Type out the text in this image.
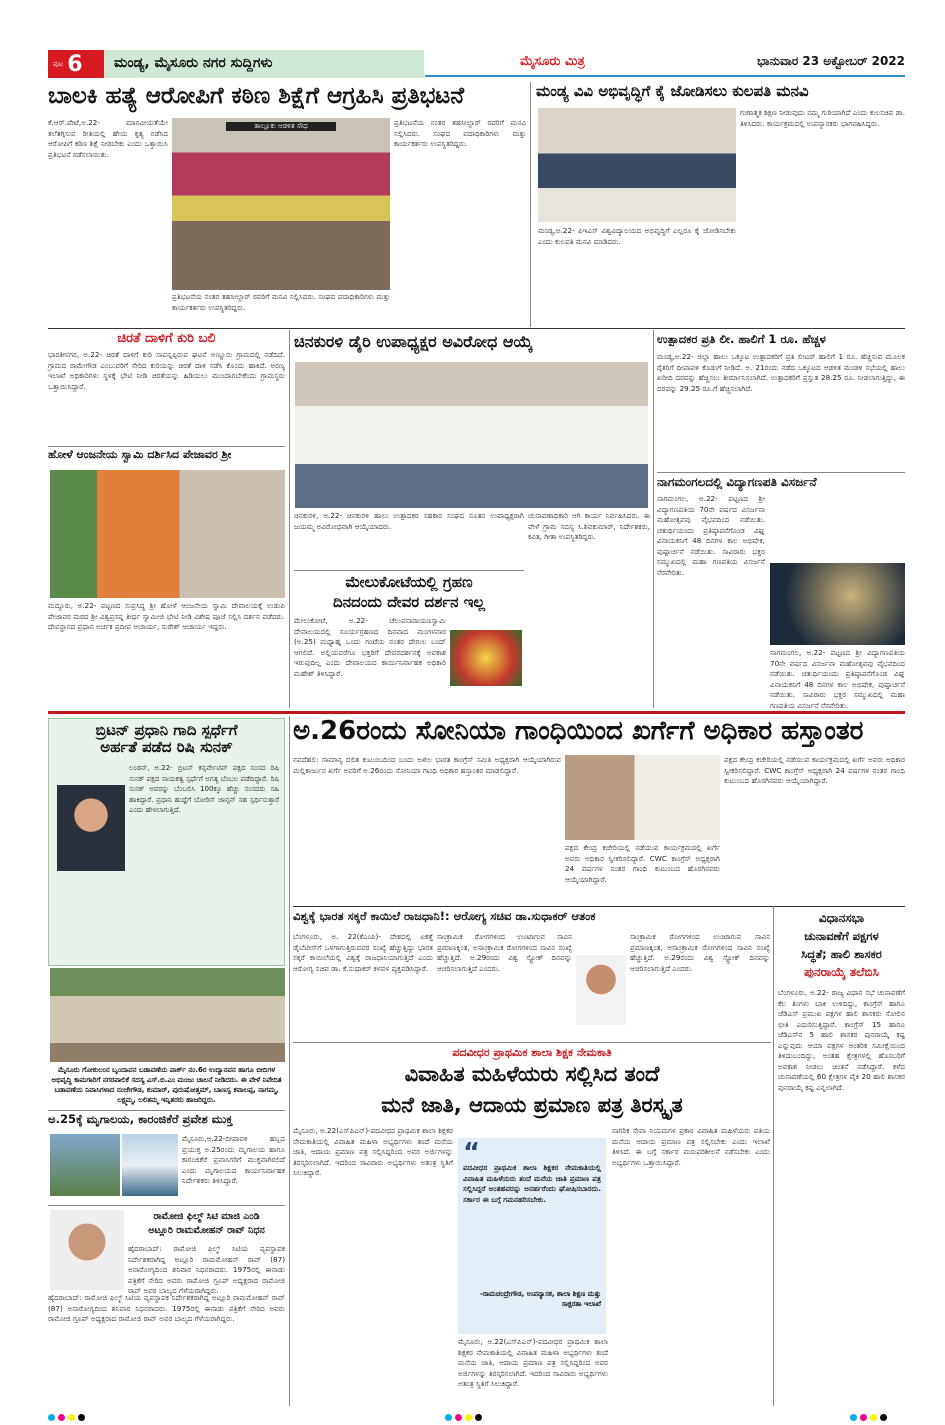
ಪುಟ 6	ಮಂಡ್ಯ, ಮೈಸೂರು ನಗರ ಸುದ್ದಿಗಳು	ಮೈಸೂರು ಮಿತ್ರ	ಭಾನುವಾರ 23 ಅಕ್ಟೋಬರ್ 2022
ಬಾಲಕಿ ಹತ್ಯೆ ಆರೋಪಿಗೆ ಕಠಿಣ ಶಿಕ್ಷೆಗೆ ಆಗ್ರಹಿಸಿ ಪ್ರತಿಭಟನೆ
ಕೆ.ಆರ್.ಪೇಟೆ,ಅ.22- ಮಾನವೀಯತೆಯೇ ತಲೆತಗ್ಗಿಸುವ ರೀತಿಯಲ್ಲಿ ಹೇಯ ಕೃತ್ಯ ನಡೆಸಿದ ಆರೋಪಿಗೆ ಕಠಿಣ ಶಿಕ್ಷೆ ನೀಡಬೇಕು ಎಂದು ಒತ್ತಾಯಿಸಿ ಪ್ರತಿಭಟನೆ ನಡೆಸಲಾಯಿತು.
ತಾಲ್ಲೂಕು ಆಡಳಿತ ಸೌಧ
ಪ್ರತಿಭಟನೆಯ ನಂತರ ತಹಸೀಲ್ದಾರ್ ರವರಿಗೆ ಮನವಿ ಸಲ್ಲಿಸಿದರು. ಸಂಘದ ಪದಾಧಿಕಾರಿಗಳು ಮತ್ತು ಕಾರ್ಯಕರ್ತರು ಉಪಸ್ಥಿತರಿದ್ದರು.
ಪ್ರತಿಭಟನೆಯ ನಂತರ ತಹಸೀಲ್ದಾರ್ ರವರಿಗೆ ಮನವಿ ಸಲ್ಲಿಸಿದರು. ಸಂಘದ ಪದಾಧಿಕಾರಿಗಳು ಮತ್ತು ಕಾರ್ಯಕರ್ತರು ಉಪಸ್ಥಿತರಿದ್ದರು.
ಮಂಡ್ಯ ವಿವಿ ಅಭಿವೃದ್ಧಿಗೆ ಕೈ ಜೋಡಿಸಲು ಕುಲಪತಿ ಮನವಿ
ಮಂಡ್ಯ,ಅ.22- ಪಿಇಎಸ್ ವಿಶ್ವವಿದ್ಯಾಲಯದ ಅಭಿವೃದ್ಧಿಗೆ ಎಲ್ಲರೂ ಕೈ ಜೋಡಿಸಬೇಕು ಎಂದು ಕುಲಪತಿ ಮನವಿ ಮಾಡಿದರು.
ಗುಣಾತ್ಮಕ ಶಿಕ್ಷಣ ನೀಡುವುದು ನಮ್ಮ ಗುರಿಯಾಗಿದೆ ಎಂದು ಕುಲಸಚಿವ ಡಾ. ತಿಳಿಸಿದರು. ಕಾರ್ಯಕ್ರಮದಲ್ಲಿ ಉಪನ್ಯಾಸಕರು ಭಾಗವಹಿಸಿದ್ದರು.
ಚಿರತೆ ದಾಳಿಗೆ ಕುರಿ ಬಲಿ
ಭಾರತೀನಗರ, ಅ.22- ಚಿರತೆ ದಾಳಿಗೆ ಕುರಿ ಸಾವನ್ನಪ್ಪಿರುವ ಘಟನೆ ಅಣ್ಣೂರು ಗ್ರಾಮದಲ್ಲಿ ನಡೆದಿದೆ. ಗ್ರಾಮದ ರಾಮೇಗೌಡ ಎಂಬುವರಿಗೆ ಸೇರಿದ ಕುರಿಯನ್ನು ಚಿರತೆ ದಾಳಿ ನಡೆಸಿ ಕೊಂದು ಹಾಕಿದೆ. ಅರಣ್ಯ ಇಲಾಖೆ ಅಧಿಕಾರಿಗಳು ಸ್ಥಳಕ್ಕೆ ಭೇಟಿ ನೀಡಿ ಚಿರತೆಯನ್ನು ಹಿಡಿಯಲು ಮುಂದಾಗಬೇಕೆಂದು ಗ್ರಾಮಸ್ಥರು ಒತ್ತಾಯಿಸಿದ್ದಾರೆ.
ಹೋಳೆ ಆಂಜನೇಯ ಸ್ವಾಮಿ ದರ್ಶಿಸಿದ ಪೇಜಾವರ ಶ್ರೀ
ಮದ್ದೂರು, ಅ.22- ಪಟ್ಟಣದ ಸುಪ್ರಸಿದ್ಧ ಶ್ರೀ ಹೋಳೆ ಆಂಜನೇಯ ಸ್ವಾಮಿ ದೇವಾಲಯಕ್ಕೆ ಉಡುಪಿ ಪೇಜಾವರ ಮಠದ ಶ್ರೀ ವಿಶ್ವಪ್ರಸನ್ನ ತೀರ್ಥ ಸ್ವಾಮೀಜಿ ಭೇಟಿ ನೀಡಿ ವಿಶೇಷ ಪೂಜೆ ಸಲ್ಲಿಸಿ ದರ್ಶನ ಪಡೆದರು. ದೇವಸ್ಥಾನದ ಪ್ರಧಾನ ಅರ್ಚಕ ಪ್ರದೀಪ ಆಚಾರ್ಯ, ಸುರೇಶ್ ಆಚಾರ್ಯ ಇದ್ದರು.
ಚಿನಕುರಳಿ ಡೈರಿ ಉಪಾಧ್ಯಕ್ಷರ ಅವಿರೋಧ ಆಯ್ಕೆ
ಚಿನಕುರಳಿ, ಅ.22- ಚಿನಕುರಳಿ ಹಾಲು ಉತ್ಪಾದಕರ ಸಹಕಾರ ಸಂಘದ ನೂತನ ಉಪಾಧ್ಯಕ್ಷರಾಗಿ ಜಯಮ್ಮ ಅವಿರೋಧವಾಗಿ ಆಯ್ಕೆಯಾದರು.
ಚುನಾವಣಾಧಿಕಾರಿ ಆಗಿ ಕಾರ್ಯ ನಿರ್ವಹಿಸಿದರು. ಈ ವೇಳೆ ಗ್ರಾಮ ಸದಸ್ಯ ಸಿ.ಶಿವಕುಮಾರ್, ನಿರ್ದೇಶಕರು, ಕವಿತ, ಗೀತಾ ಉಪಸ್ಥಿತರಿದ್ದರು.
ಮೇಲುಕೋಟೆಯಲ್ಲಿ ಗ್ರಹಣ
ದಿನದಂದು ದೇವರ ದರ್ಶನ ಇಲ್ಲ
ಮೇಲುಕೋಟೆ, ಅ.22- ಚೆಲುವನಾರಾಯಣಸ್ವಾಮಿ ದೇವಾಲಯದಲ್ಲಿ ಸೂರ್ಯಗ್ರಹಣದ ದಿನವಾದ ಮಂಗಳವಾರ (ಅ.25) ಮಧ್ಯಾಹ್ನ ಒಂದು ಗಂಟೆಯ ನಂತರ ದೇಗುಲ ಬಂದ್ ಆಗಲಿದೆ. ಅಲ್ಲಿಯವರೆಗೂ ಭಕ್ತರಿಗೆ ದೇವರದರ್ಶನಕ್ಕೆ ಅವಕಾಶ ಇರುವುದಿಲ್ಲ ಎಂದು ದೇವಾಲಯದ ಕಾರ್ಯನಿರ್ವಾಹಕ ಅಧಿಕಾರಿ ಮಹೇಶ್ ತಿಳಿಸಿದ್ದಾರೆ.
ಉತ್ಪಾದಕರ ಪ್ರತಿ ಲೀ. ಹಾಲಿಗೆ 1 ರೂ. ಹೆಚ್ಚಳ
ಮಂಡ್ಯ,ಅ.22- ಜಿಲ್ಲಾ ಹಾಲು ಒಕ್ಕೂಟ ಉತ್ಪಾದಕರಿಗೆ ಪ್ರತಿ ಲೀಟರ್ ಹಾಲಿಗೆ 1 ರೂ. ಹೆಚ್ಚಿಸುವ ಮೂಲಕ ರೈತರಿಗೆ ದೀಪಾವಳಿ ಕೊಡುಗೆ ನೀಡಿದೆ. ಅ. 21ರಂದು ನಡೆದ ಒಕ್ಕೂಟದ ಆಡಳಿತ ಮಂಡಳಿ ಸಭೆಯಲ್ಲಿ ಹಾಲು ಖರೀದಿ ದರವನ್ನು ಹೆಚ್ಚಿಸಲು ತೀರ್ಮಾನಿಸಲಾಗಿದೆ. ಉತ್ಪಾದಕರಿಗೆ ಪ್ರಸ್ತುತ 28.25 ರೂ. ನೀಡಲಾಗುತ್ತಿದ್ದು, ಈ ದರವನ್ನು 29.25 ರೂ.ಗೆ ಹೆಚ್ಚಿಸಲಾಗಿದೆ.
ನಾಗಮಂಗಲದಲ್ಲಿ ವಿದ್ಯಾಗಣಪತಿ ವಿಸರ್ಜನೆ
ನಾಗಮಂಗಲ, ಅ.22- ಪಟ್ಟಣದ ಶ್ರೀ ವಿದ್ಯಾಗಣಪತಿಯ 70ನೇ ವರ್ಷದ ವಿಸರ್ಜನಾ ಮಹೋತ್ಸವವು ವೈಭವದಿಂದ ನಡೆಯಿತು. ಚತುರ್ಥಿಯಂದು ಪ್ರತಿಷ್ಠಾಪನೆಗೊಂಡ ವಿಘ್ನ ವಿನಾಯಕನಿಗೆ 48 ದಿನಗಳ ಕಾಲ ಅಭಿಷೇಕ, ಪುಷ್ಪಾರ್ಚನೆ ನಡೆಯಿತು. ಸಾವಿರಾರು ಭಕ್ತರ ಸಮ್ಮುಖದಲ್ಲಿ ಮಹಾ ಗಣಪತಿಯ ವಿಸರ್ಜನೆ ನೆರವೇರಿತು.
ನಾಗಮಂಗಲ, ಅ.22- ಪಟ್ಟಣದ ಶ್ರೀ ವಿದ್ಯಾಗಣಪತಿಯ 70ನೇ ವರ್ಷದ ವಿಸರ್ಜನಾ ಮಹೋತ್ಸವವು ವೈಭವದಿಂದ ನಡೆಯಿತು. ಚತುರ್ಥಿಯಂದು ಪ್ರತಿಷ್ಠಾಪನೆಗೊಂಡ ವಿಘ್ನ ವಿನಾಯಕನಿಗೆ 48 ದಿನಗಳ ಕಾಲ ಅಭಿಷೇಕ, ಪುಷ್ಪಾರ್ಚನೆ ನಡೆಯಿತು. ಸಾವಿರಾರು ಭಕ್ತರ ಸಮ್ಮುಖದಲ್ಲಿ ಮಹಾ ಗಣಪತಿಯ ವಿಸರ್ಜನೆ ನೆರವೇರಿತು.
ಬ್ರಿಟನ್ ಪ್ರಧಾನಿ ಗಾದಿ ಸ್ಪರ್ಧೆಗೆ
ಅರ್ಹತೆ ಪಡೆದ ರಿಷಿ ಸುನಕ್
ಲಂಡನ್, ಅ.22- ಬ್ರಿಟನ್ ಕನ್ಸರ್ವೇಟಿವ್ ಪಕ್ಷದ ಸಂಸದ ರಿಷಿ ಸುನಕ್ ಪಕ್ಷದ ನಾಯಕತ್ವ ಸ್ಪರ್ಧೆಗೆ ಅಗತ್ಯ ಬೆಂಬಲ ಪಡೆದಿದ್ದಾರೆ. ರಿಷಿ ಸುನಕ್ ಅವರನ್ನು ಬೆಂಬಲಿಸಿ 100ಕ್ಕೂ ಹೆಚ್ಚು ಸಂಸದರು ಸಹಿ ಹಾಕಿದ್ದಾರೆ. ಪ್ರಧಾನಿ ಹುದ್ದೆಗೆ ಬೋರಿಸ್ ಜಾನ್ಸನ್ ಸಹ ಸ್ಪರ್ಧಿಸುತ್ತಾರೆ ಎಂದು ಹೇಳಲಾಗುತ್ತಿದೆ.
ಅ.26ರಂದು ಸೋನಿಯಾ ಗಾಂಧಿಯಿಂದ ಖರ್ಗೆಗೆ ಅಧಿಕಾರ ಹಸ್ತಾಂತರ
ನವದೆಹಲಿ: ಸಾಮಾನ್ಯ ದಲಿತ ಕುಟುಂಬದಿಂದ ಬಂದು ಅಖಿಲ ಭಾರತ ಕಾಂಗ್ರೆಸ್ ಸಮಿತಿ ಅಧ್ಯಕ್ಷರಾಗಿ ಆಯ್ಕೆಯಾಗಿರುವ ಮಲ್ಲಿಕಾರ್ಜುನ ಖರ್ಗೆ ಅವರಿಗೆ ಅ.26ರಂದು ಸೋನಿಯಾ ಗಾಂಧಿ ಅಧಿಕಾರ ಹಸ್ತಾಂತರ ಮಾಡಲಿದ್ದಾರೆ.
ಪಕ್ಷದ ಕೇಂದ್ರ ಕಚೇರಿಯಲ್ಲಿ ನಡೆಯುವ ಕಾರ್ಯಕ್ರಮದಲ್ಲಿ ಖರ್ಗೆ ಅವರು ಅಧಿಕಾರ ಸ್ವೀಕರಿಸಲಿದ್ದಾರೆ. CWC ಕಾಂಗ್ರೆಸ್ ಅಧ್ಯಕ್ಷರಾಗಿ 24 ವರ್ಷಗಳ ನಂತರ ಗಾಂಧಿ ಕುಟುಂಬದ ಹೊರಗಿನವರು ಆಯ್ಕೆಯಾಗಿದ್ದಾರೆ.
ಪಕ್ಷದ ಕೇಂದ್ರ ಕಚೇರಿಯಲ್ಲಿ ನಡೆಯುವ ಕಾರ್ಯಕ್ರಮದಲ್ಲಿ ಖರ್ಗೆ ಅವರು ಅಧಿಕಾರ ಸ್ವೀಕರಿಸಲಿದ್ದಾರೆ. CWC ಕಾಂಗ್ರೆಸ್ ಅಧ್ಯಕ್ಷರಾಗಿ 24 ವರ್ಷಗಳ ನಂತರ ಗಾಂಧಿ ಕುಟುಂಬದ ಹೊರಗಿನವರು ಆಯ್ಕೆಯಾಗಿದ್ದಾರೆ.
ವಿಶ್ವಕ್ಕೆ ಭಾರತ ಸಕ್ಕರೆ ಕಾಯಿಲೆ ರಾಜಧಾನಿ!: ಆರೋಗ್ಯ ಸಚಿವ ಡಾ.ಸುಧಾಕರ್ ಆತಂಕ
ಬೆಂಗಳೂರು, ಅ. 22(ಕೆಎಂಪಿ)- ದೇಶದಲ್ಲಿ ಏಕತ್ತೆ ಡೈಬೆಟೀಸ್‌ಗೆ ಒಳಗಾಗುತ್ತಿರುವವರ ಸಂಖ್ಯೆ ಹೆಚ್ಚುತ್ತಿದ್ದು ಭಾರತ ಸಕ್ಕರೆ ಕಾಯಿಲೆಯಲ್ಲಿ ವಿಶ್ವಕ್ಕೆ ರಾಜಧಾನಿಯಾಗುತ್ತಿದೆ ಎಂದು ಆರೋಗ್ಯ ಸಚಿವ ಡಾ. ಕೆ.ಸುಧಾಕರ್ ಕಳವಳ ವ್ಯಕ್ತಪಡಿಸಿದ್ದಾರೆ.
ಸಾಂಕ್ರಾಮಿಕ ರೋಗಗಳಿಂದ ಉಂಟಾಗುವ ಸಾವಿನ ಪ್ರಮಾಣಕ್ಕಿಂತ, ಅಸಾಂಕ್ರಾಮಿಕ ರೋಗಗಳಿಂದ ಸಾವಿನ ಸಂಖ್ಯೆ ಹೆಚ್ಚುತ್ತಿದೆ. ಅ.29ರಂದು ವಿಶ್ವ ಸ್ಟ್ರೋಕ್ ದಿನವನ್ನು ಆಚರಿಸಲಾಗುತ್ತಿದೆ ಎಂದರು.
ಸಾಂಕ್ರಾಮಿಕ ರೋಗಗಳಿಂದ ಉಂಟಾಗುವ ಸಾವಿನ ಪ್ರಮಾಣಕ್ಕಿಂತ, ಅಸಾಂಕ್ರಾಮಿಕ ರೋಗಗಳಿಂದ ಸಾವಿನ ಸಂಖ್ಯೆ ಹೆಚ್ಚುತ್ತಿದೆ. ಅ.29ರಂದು ವಿಶ್ವ ಸ್ಟ್ರೋಕ್ ದಿನವನ್ನು ಆಚರಿಸಲಾಗುತ್ತಿದೆ ಎಂದರು.
ವಿಧಾನಸಭಾ
ಚುನಾವಣೆಗೆ ಪಕ್ಷಗಳ
ಸಿದ್ಧತೆ; ಹಾಲಿ ಶಾಸಕರ
ಪುನರಾಯ್ಕೆ ತಲೆಬಿಸಿ
ಬೆಂಗಳೂರು, ಅ.22- ರಾಜ್ಯ ವಿಧಾನ ಸಭೆ ಚುನಾವಣೆಗೆ ಕೆಲ ತಿಂಗಳು ಬಾಕಿ ಉಳಿದಿದ್ದು, ಕಾಂಗ್ರೆಸ್ ಹಾಗೂ ಜೆಡಿಎಸ್ ಪ್ರಮುಖ ಪಕ್ಷಗಳ ಹಾಲಿ ಶಾಸಕರು ಸೋಲಿನ ಭೀತಿ ಎದುರಿಸುತ್ತಿದ್ದಾರೆ. ಕಾಂಗ್ರೆಸ್ 15 ಹಾಗೂ ಜೆಡಿಎಸ್‌ನ 5 ಹಾಲಿ ಶಾಸಕರ ಪುನರಾಯ್ಕೆ ಕಷ್ಟ ಎನ್ನುವುದು ಆಯಾ ಪಕ್ಷಗಳ ಆಂತರಿಕ ಸಮೀಕ್ಷೆಯಿಂದ ತಿಳಿದುಬಂದಿದ್ದು, ಅಂತಹ ಕ್ಷೇತ್ರಗಳಲ್ಲಿ ಹೊಸಬರಿಗೆ ಅವಕಾಶ ನೀಡಲು ಚಿಂತನೆ ನಡೆಸಿದ್ದಾರೆ. ಕಳೆದ ಚುನಾವಣೆಯಲ್ಲಿ 60 ಕ್ಷೇತ್ರಗಳ ಪೈಕಿ 20 ಹಾಲಿ ಶಾಸಕರ ಪುನರಾಯ್ಕೆ ಕಷ್ಟ ಎನ್ನಲಾಗಿದೆ.
ಮೈಸೂರು ಗೋಕುಲಂನ ಬೃಂದಾವನ ಬಡಾವಣೆಯ ಪಾರ್ಕ್ ನಂ.6ರ ಉದ್ಯಾನವನ ಹಾಗೂ ಬೀದಿಗಳ ಅಭಿವೃದ್ಧಿ ಕಾಮಗಾರಿಗೆ ನಗರಪಾಲಿಕೆ ಸದಸ್ಯ ಎಸ್.ಬಿ.ಎಂ ಮಂಜು ಚಾಲನೆ ನೀಡಿದರು. ಈ ವೇಳೆ ನಿವೇದಿತ ಬಡಾವಣೆಯ ನಿವಾಸಿಗಳಾದ ನಂಜೇಗೌಡ, ಕುಮಾರ್, ಪುರುಷೋತ್ತಮ್, ಬಾಣಸ್ವ ಕವಾಲಪ್ಪ, ನಾಗಮ್ಮ, ಲಕ್ಷ್ಮಮ್ಮ, ಲಲಿತಮ್ಮ ಇನ್ನಿತರರು ಹಾಜರಿದ್ದರು.
ಅ.25ಕ್ಕೆ ಮೃಗಾಲಯ, ಕಾರಂಜಿಕೆರೆ ಪ್ರವೇಶ ಮುಕ್ತ
ಮೈಸೂರು,ಅ.22-ದೀಪಾವಳಿ ಹಬ್ಬದ ಪ್ರಯುಕ್ತ ಅ.25ರಂದು ಮೃಗಾಲಯ ಹಾಗೂ ಕಾರಂಜಿಕೆರೆ ಪ್ರವಾಸಿಗರಿಗೆ ಮುಕ್ತವಾಗಿರಲಿದೆ ಎಂದು ಮೃಗಾಲಯದ ಕಾರ್ಯನಿರ್ವಾಹಕ ನಿರ್ದೇಶಕರು ತಿಳಿಸಿದ್ದಾರೆ.
ರಾಮೋಜಿ ಫಿಲ್ಮ್ ಸಿಟಿ ಮಾಜಿ ಎಂಡಿ
ಅಟ್ಲೂರಿ ರಾಮಮೋಹನ್ ರಾವ್ ನಿಧನ
ಹೈದರಾಬಾದ್: ರಾಮೋಜಿ ಫಿಲ್ಮ್ ಸಿಟಿಯ ವ್ಯವಸ್ಥಾಪಕ ನಿರ್ದೇಶಕರಾಗಿದ್ದ ಅಟ್ಲೂರಿ ರಾಮಮೋಹನ್ ರಾವ್ (87) ಅನಾರೋಗ್ಯದಿಂದ ಶನಿವಾರ ನಿಧನರಾದರು. 1975ರಲ್ಲಿ ಈನಾಡು ಪತ್ರಿಕೆಗೆ ಸೇರಿದ ಅವರು ರಾಮೋಜಿ ಗ್ರೂಪ್ ಅಧ್ಯಕ್ಷರಾದ ರಾಮೋಜಿ ರಾವ್ ಅವರ ಬಾಲ್ಯದ ಗೆಳೆಯರಾಗಿದ್ದರು.
ಹೈದರಾಬಾದ್: ರಾಮೋಜಿ ಫಿಲ್ಮ್ ಸಿಟಿಯ ವ್ಯವಸ್ಥಾಪಕ ನಿರ್ದೇಶಕರಾಗಿದ್ದ ಅಟ್ಲೂರಿ ರಾಮಮೋಹನ್ ರಾವ್ (87) ಅನಾರೋಗ್ಯದಿಂದ ಶನಿವಾರ ನಿಧನರಾದರು. 1975ರಲ್ಲಿ ಈನಾಡು ಪತ್ರಿಕೆಗೆ ಸೇರಿದ ಅವರು ರಾಮೋಜಿ ಗ್ರೂಪ್ ಅಧ್ಯಕ್ಷರಾದ ರಾಮೋಜಿ ರಾವ್ ಅವರ ಬಾಲ್ಯದ ಗೆಳೆಯರಾಗಿದ್ದರು.
ಪದವೀಧರ ಪ್ರಾಥಮಿಕ ಶಾಲಾ ಶಿಕ್ಷಕ ನೇಮಕಾತಿ
ವಿವಾಹಿತ ಮಹಿಳೆಯರು ಸಲ್ಲಿಸಿದ ತಂದೆ
ಮನೆ ಜಾತಿ, ಆದಾಯ ಪ್ರಮಾಣ ಪತ್ರ ತಿರಸ್ಕೃತ
ಮೈಸೂರು, ಅ.22(ಎಸ್‌ಪಿಎನ್)-ಪದವೀಧರ ಪ್ರಾಥಮಿಕ ಶಾಲಾ ಶಿಕ್ಷಕರ ನೇಮಕಾತಿಯಲ್ಲಿ ವಿವಾಹಿತ ಮಹಿಳಾ ಅಭ್ಯರ್ಥಿಗಳು ತಂದೆ ಮನೆಯ ಜಾತಿ, ಆದಾಯ ಪ್ರಮಾಣ ಪತ್ರ ಸಲ್ಲಿಸಿದ್ದರಿಂದ ಅವರ ಅರ್ಜಿಗಳನ್ನು ತಿರಸ್ಕರಿಸಲಾಗಿದೆ. ಇದರಿಂದ ಸಾವಿರಾರು ಅಭ್ಯರ್ಥಿಗಳು ಅತಂತ್ರ ಸ್ಥಿತಿಗೆ ಸಿಲುಕಿದ್ದಾರೆ.
“
ಪದವೀಧರ ಪ್ರಾಥಮಿಕ ಶಾಲಾ ಶಿಕ್ಷಕರ ನೇಮಕಾತಿಯಲ್ಲಿ ವಿವಾಹಿತ ಮಹಿಳೆಯರು ತಂದೆ ಮನೆಯ ಜಾತಿ ಪ್ರಮಾಣ ಪತ್ರ ಸಲ್ಲಿಸಿದ್ದರೆ ಅಂತಹವರನ್ನು ಅನರ್ಹರೆಂದು ಘೋಷಿಸಬಾರದು. ಸರ್ಕಾರ ಈ ಬಗ್ಗೆ ಗಮನಹರಿಸಬೇಕು.
-ರಾಮಚಂದ್ರೇಗೌಡ, ಉಪನ್ಯಾಸಕ, ಶಾಲಾ ಶಿಕ್ಷಣ ಮತ್ತು ಸಾಕ್ಷರತಾ ಇಲಾಖೆ
ಮೈಸೂರು, ಅ.22(ಎಸ್‌ಪಿಎನ್)-ಪದವೀಧರ ಪ್ರಾಥಮಿಕ ಶಾಲಾ ಶಿಕ್ಷಕರ ನೇಮಕಾತಿಯಲ್ಲಿ ವಿವಾಹಿತ ಮಹಿಳಾ ಅಭ್ಯರ್ಥಿಗಳು ತಂದೆ ಮನೆಯ ಜಾತಿ, ಆದಾಯ ಪ್ರಮಾಣ ಪತ್ರ ಸಲ್ಲಿಸಿದ್ದರಿಂದ ಅವರ ಅರ್ಜಿಗಳನ್ನು ತಿರಸ್ಕರಿಸಲಾಗಿದೆ. ಇದರಿಂದ ಸಾವಿರಾರು ಅಭ್ಯರ್ಥಿಗಳು ಅತಂತ್ರ ಸ್ಥಿತಿಗೆ ಸಿಲುಕಿದ್ದಾರೆ.
ನಾಗರಿಕ ಸೇವಾ ನಿಯಮಗಳ ಪ್ರಕಾರ ವಿವಾಹಿತ ಮಹಿಳೆಯರು ಪತಿಯ ಮನೆಯ ಆದಾಯ ಪ್ರಮಾಣ ಪತ್ರ ಸಲ್ಲಿಸಬೇಕು ಎಂದು ಇಲಾಖೆ ತಿಳಿಸಿದೆ. ಈ ಬಗ್ಗೆ ಸರ್ಕಾರ ಮರುಪರಿಶೀಲನೆ ನಡೆಸಬೇಕು ಎಂದು ಅಭ್ಯರ್ಥಿಗಳು ಒತ್ತಾಯಿಸಿದ್ದಾರೆ.
